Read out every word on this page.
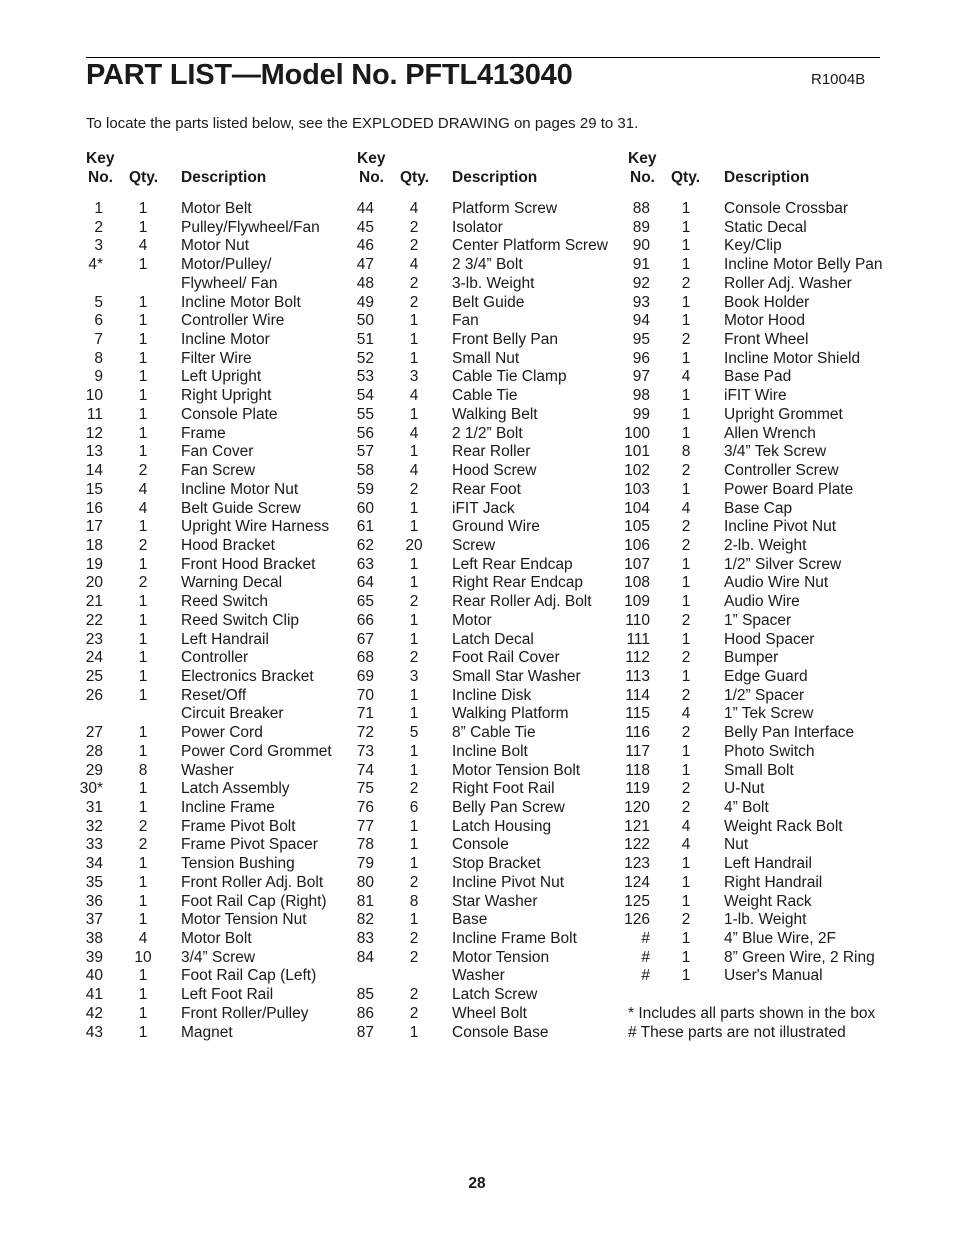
PART LIST—Model No. PFTL413040	R1004B
To locate the parts listed below, see the EXPLODED DRAWING on pages 29 to 31.
Key
No. Qty. Description
1	1	Motor Belt
2	1	Pulley/Flywheel/Fan
3	4	Motor Nut
4*	1	Motor/Pulley/
Flywheel/ Fan
5	1	Incline Motor Bolt
6	1	Controller Wire
7	1	Incline Motor
8	1	Filter Wire
9	1	Left Upright
10	1	Right Upright
11	1	Console Plate
12	1	Frame
13	1	Fan Cover
14	2	Fan Screw
15	4	Incline Motor Nut
16	4	Belt Guide Screw
17	1	Upright Wire Harness
18	2	Hood Bracket
19	1	Front Hood Bracket
20	2	Warning Decal
21	1	Reed Switch
22	1	Reed Switch Clip
23	1	Left Handrail
24	1	Controller
25	1	Electronics Bracket
26	1	Reset/Off
Circuit Breaker
27	1	Power Cord
28	1	Power Cord Grommet
29	8	Washer
30*	1	Latch Assembly
31	1	Incline Frame
32	2	Frame Pivot Bolt
33	2	Frame Pivot Spacer
34	1	Tension Bushing
35	1	Front Roller Adj. Bolt
36	1	Foot Rail Cap (Right)
37	1	Motor Tension Nut
38	4	Motor Bolt
39	10	3/4” Screw
40	1	Foot Rail Cap (Left)
41	1	Left Foot Rail
42	1	Front Roller/Pulley
43	1	Magnet
Key
No. Qty. Description
44	4	Platform Screw
45	2	Isolator
46	2	Center Platform Screw
47	4	2 3/4” Bolt
48	2	3-lb. Weight
49	2	Belt Guide
50	1	Fan
51	1	Front Belly Pan
52	1	Small Nut
53	3	Cable Tie Clamp
54	4	Cable Tie
55	1	Walking Belt
56	4	2 1/2” Bolt
57	1	Rear Roller
58	4	Hood Screw
59	2	Rear Foot
60	1	iFIT Jack
61	1	Ground Wire
62	20	Screw
63	1	Left Rear Endcap
64	1	Right Rear Endcap
65	2	Rear Roller Adj. Bolt
66	1	Motor
67	1	Latch Decal
68	2	Foot Rail Cover
69	3	Small Star Washer
70	1	Incline Disk
71	1	Walking Platform
72	5	8” Cable Tie
73	1	Incline Bolt
74	1	Motor Tension Bolt
75	2	Right Foot Rail
76	6	Belly Pan Screw
77	1	Latch Housing
78	1	Console
79	1	Stop Bracket
80	2	Incline Pivot Nut
81	8	Star Washer
82	1	Base
83	2	Incline Frame Bolt
84	2	Motor Tension
Washer
85	2	Latch Screw
86	2	Wheel Bolt
87	1	Console Base
Key
No. Qty. Description
88	1	Console Crossbar
89	1	Static Decal
90	1	Key/Clip
91	1	Incline Motor Belly Pan
92	2	Roller Adj. Washer
93	1	Book Holder
94	1	Motor Hood
95	2	Front Wheel
96	1	Incline Motor Shield
97	4	Base Pad
98	1	iFIT Wire
99	1	Upright Grommet
100	1	Allen Wrench
101	8	3/4” Tek Screw
102	2	Controller Screw
103	1	Power Board Plate
104	4	Base Cap
105	2	Incline Pivot Nut
106	2	2-lb. Weight
107	1	1/2” Silver Screw
108	1	Audio Wire Nut
109	1	Audio Wire
110	2	1” Spacer
111	1	Hood Spacer
112	2	Bumper
113	1	Edge Guard
114	2	1/2” Spacer
115	4	1” Tek Screw
116	2	Belly Pan Interface
117	1	Photo Switch
118	1	Small Bolt
119	2	U-Nut
120	2	4” Bolt
121	4	Weight Rack Bolt
122	4	Nut
123	1	Left Handrail
124	1	Right Handrail
125	1	Weight Rack
126	2	1-lb. Weight
#	1	4” Blue Wire, 2F
#	1	8” Green Wire, 2 Ring
#	1	User's Manual
* Includes all parts shown in the box
# These parts are not illustrated
28
